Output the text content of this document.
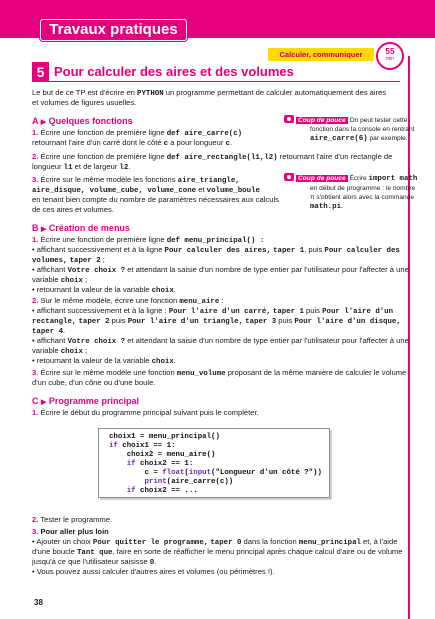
Travaux pratiques
Calculer, communiquer	55
min
5 Pour calculer des aires et des volumes
Le but de ce TP est d'écrire en PYTHON un programme permettant de calculer automatiquement des aires
et volumes de figures usuelles.
A ▶ Quelques fonctions
1. Écrire une fonction de première ligne def aire_carre(c)
retournant l'aire d'un carré dont le côté c a pour longueur c.
Coup de pouce On peut tester cette
fonction dans la console en rentrant
aire_carre(6) par exemple.
2. Écrire une fonction de première ligne def aire_rectangle(l1,l2) retournant l'aire d'un rectangle de
longueur l1 et de largeur l2.
3. Écrire sur le même modèle les fonctions aire_triangle,
aire_disque, volume_cube, volume_cone et volume_boule
en tenant bien compte du nombre de paramètres nécessaires aux calculs
de ces aires et volumes.
Coup de pouce Écrire import math
en début de programme : le nombre
π s'obtient alors avec la commande
math.pi.
B ▶ Création de menus
1. Écrire une fonction de première ligne def menu_principal() :
• affichant successivement et à la ligne Pour calculer des aires, taper 1, puis Pour calculer des
volumes, taper 2 ;
• affichant Votre choix ? et attendant la saisie d'un nombre de type entier par l'utilisateur pour l'affecter à une
variable choix ;
• retournant la valeur de la variable choix.
2. Sur le même modèle, écrire une fonction menu_aire :
• affichant successivement et à la ligne : Pour l'aire d'un carré, taper 1 puis Pour l'aire d'un
rectangle, taper 2 puis Pour l'aire d'un triangle, taper 3 puis Pour l'aire d'un disque,
taper 4.
• affichant Votre choix ? et attendant la saisie d'un nombre de type entier par l'utilisateur pour l'affecter à une
variable choix ;
• retournant la valeur de la variable choix.
3. Écrire sur le même modèle une fonction menu_volume proposant de la même manière de calculer le volume
d'un cube, d'un cône ou d'une boule.
C ▶ Programme principal
1. Écrire le début du programme principal suivant puis le compléter.
choix1 = menu_principal()
if choix1 == 1:
choix2 = menu_aire()
if choix2 == 1:
c = float(input("Longueur d'un côté ?"))
print(aire_carre(c))
if choix2 == ...
2. Tester le programme.
3. Pour aller plus loin
• Ajouter un choix Pour quitter le programme, taper 0 dans la fonction menu_principal et, à l'aide
d'une boucle Tant que, faire en sorte de réafficher le menu principal après chaque calcul d'aire ou de volume
jusqu'à ce que l'utilisateur saisisse 0.
• Vous pouvez aussi calculer d'autres aires et volumes (ou périmètres !).
38
